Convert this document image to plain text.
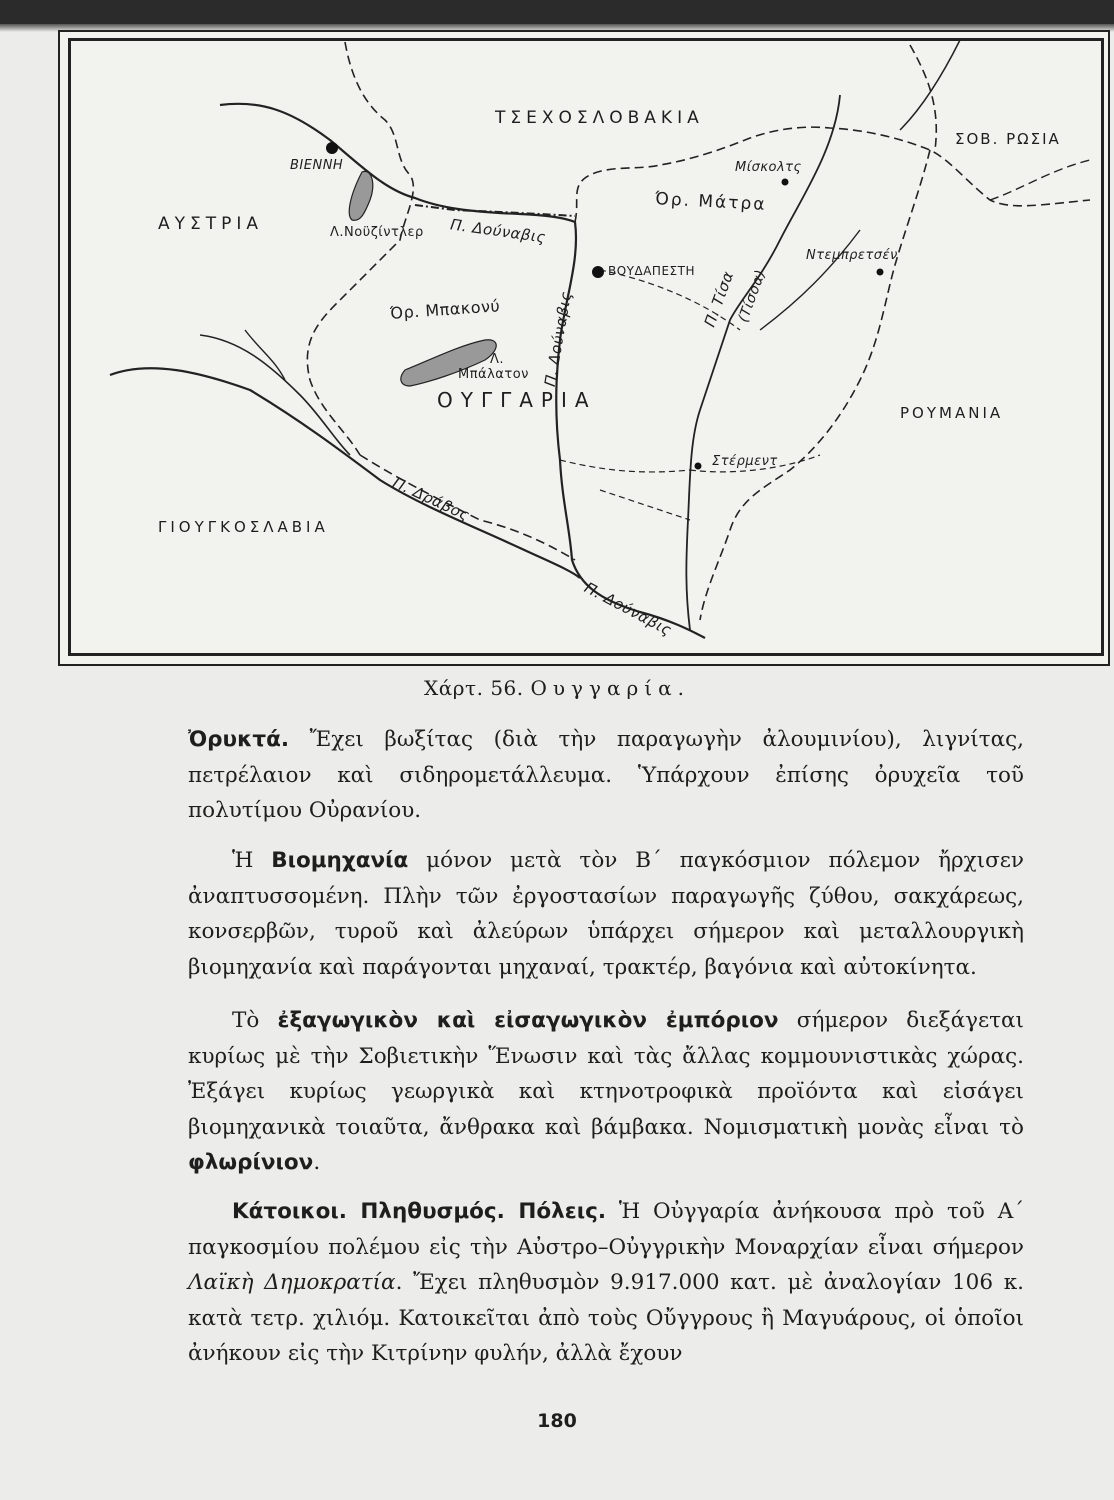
ΤΣΕΧΟΣΛΟΒΑΚΙΑ
ΣΟΒ. ΡΩΣΙΑ
ΑΥΣΤΡΙΑ
ΟΥΓΓΑΡΙΑ
ΡΟΥΜΑΝΙΑ
ΓΙΟΥΓΚΟΣΛΑΒΙΑ
ΒΙΕΝΝΗ
ΒΟΥΔΑΠΕΣΤΗ
Μίσκολτς
Ντεμπρετσέν
Στέρμεντ
Λ.Νοϋζίντλερ Π. Δούναβις
Όρ. Μάτρα
Όρ. Μπακονύ
Λ.
Μπάλατον Π. Δούναβις	Π. Τίσα
(Τίσσα)
Π. Δράβος
Π. Δούναβις
Χάρτ. 56. Ουγγαρία.
Ὀρυκτά. Ἔχει βωξίτας (διὰ τὴν παραγωγὴν ἀλουμινίου), λιγνίτας, πετρέλαιον καὶ σιδηρομετάλλευμα. Ὑπάρχουν ἐπίσης ὀρυχεῖα τοῦ πολυτίμου Οὐρανίου.
Ἡ Βιομηχανία μόνον μετὰ τὸν Β΄ παγκόσμιον πόλεμον ἤρχισεν ἀναπτυσσομένη. Πλὴν τῶν ἐργοστασίων παραγωγῆς ζύθου, σακχάρεως, κονσερβῶν, τυροῦ καὶ ἀλεύρων ὑπάρχει σήμερον καὶ μεταλλουργικὴ βιομηχανία καὶ παράγονται μηχαναί, τρακτέρ, βαγόνια καὶ αὐτοκίνητα.
Τὸ ἐξαγωγικὸν καὶ εἰσαγωγικὸν ἐμπόριον σήμερον διεξάγεται κυρίως μὲ τὴν Σοβιετικὴν Ἕνωσιν καὶ τὰς ἄλλας κομμουνιστικὰς χώρας. Ἐξάγει κυρίως γεωργικὰ καὶ κτηνοτροφικὰ προϊόντα καὶ εἰσάγει βιομηχανικὰ τοιαῦτα, ἄνθρακα καὶ βάμβακα. Νομισματικὴ μονὰς εἶναι τὸ φλωρίνιον.
Κάτοικοι. Πληθυσμός. Πόλεις. Ἡ Οὐγγαρία ἀνήκουσα πρὸ τοῦ Α΄ παγκοσμίου πολέμου εἰς τὴν Αὐστρο–Οὐγγρικὴν Μοναρχίαν εἶναι σήμερον Λαϊκὴ Δημοκρατία. Ἔχει πληθυσμὸν 9.917.000 κατ. μὲ ἀναλογίαν 106 κ. κατὰ τετρ. χιλιόμ. Κατοικεῖται ἀπὸ τοὺς Οὔγγρους ἢ Μαγυάρους, οἱ ὁποῖοι ἀνήκουν εἰς τὴν Κιτρίνην φυλήν, ἀλλὰ ἔχουν
180
